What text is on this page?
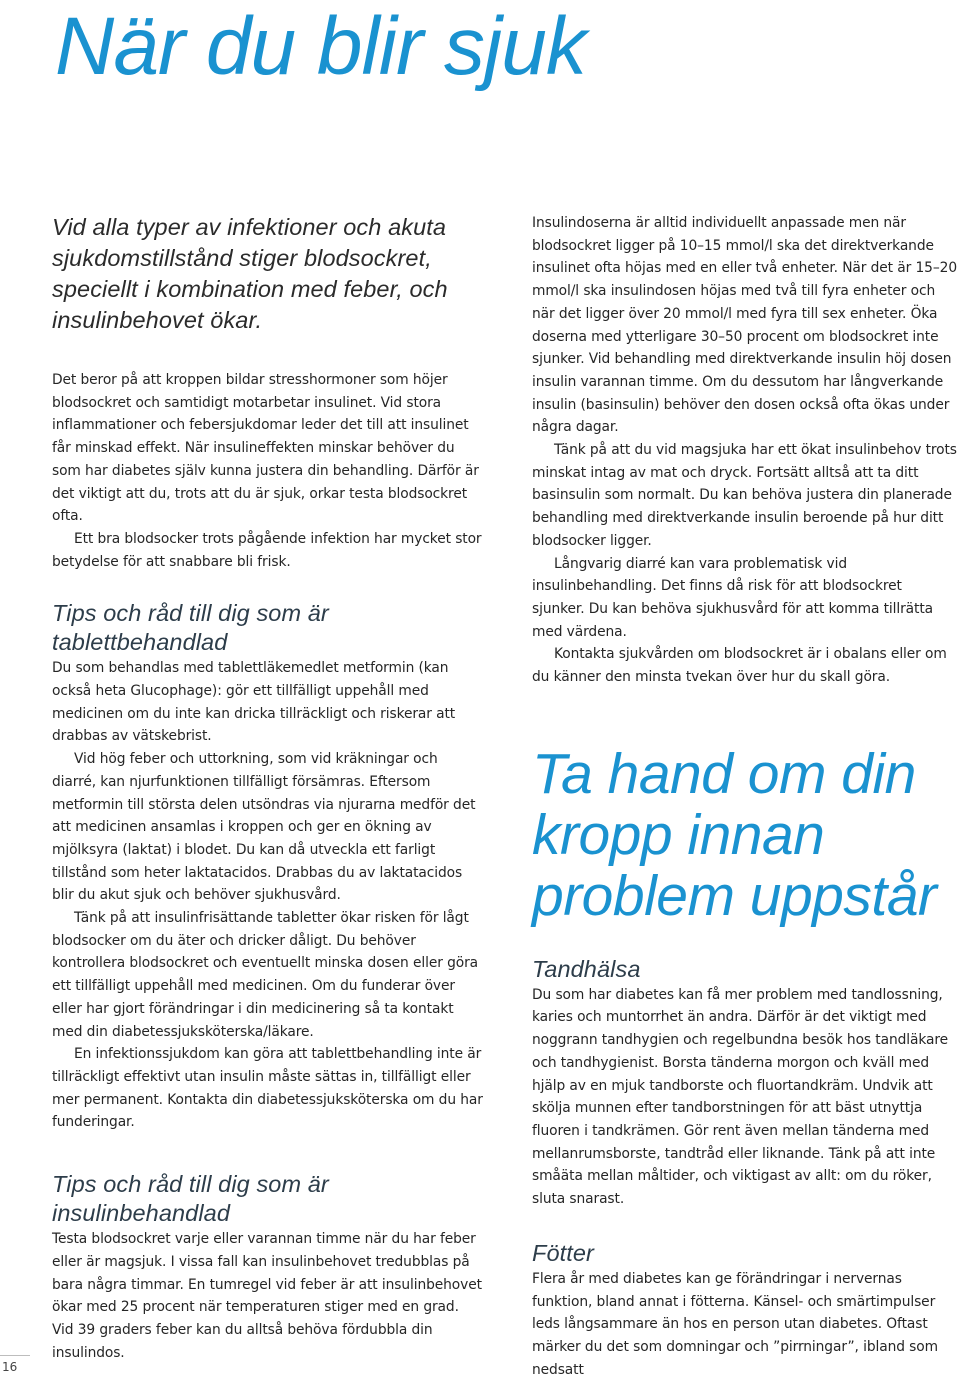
När du blir sjuk

Vid alla typer av infektioner och akuta sjukdomstillstånd stiger blodsockret, speciellt i kombination med feber, och insulinbehovet ökar.

Det beror på att kroppen bildar stresshormoner som höjer blodsockret och samtidigt motarbetar insulinet. Vid stora inflammationer och febersjukdomar leder det till att insulinet får minskad effekt. När insulineffekten minskar behöver du som har diabetes själv kunna justera din behandling. Därför är det viktigt att du, trots att du är sjuk, orkar testa blodsockret ofta.

Ett bra blodsocker trots pågående infektion har mycket stor betydelse för att snabbare bli frisk.

Tips och råd till dig som är tablettbehandlad

Du som behandlas med tablettläkemedlet metformin (kan också heta Glucophage): gör ett tillfälligt uppehåll med medicinen om du inte kan dricka tillräckligt och riskerar att drabbas av vätskebrist.

Vid hög feber och uttorkning, som vid kräkningar och diarré, kan njurfunktionen tillfälligt försämras. Eftersom metformin till största delen utsöndras via njurarna medför det att medicinen ansamlas i kroppen och ger en ökning av mjölksyra (laktat) i blodet. Du kan då utveckla ett farligt tillstånd som heter laktatacidos. Drabbas du av laktatacidos blir du akut sjuk och behöver sjukhusvård.

Tänk på att insulinfrisättande tabletter ökar risken för lågt blodsocker om du äter och dricker dåligt. Du behöver kontrollera blodsockret och eventuellt minska dosen eller göra ett tillfälligt uppehåll med medicinen. Om du funderar över eller har gjort förändringar i din medicinering så ta kontakt med din diabetessjuksköterska/läkare.

En infektionssjukdom kan göra att tablettbehandling inte är tillräckligt effektivt utan insulin måste sättas in, tillfälligt eller mer permanent. Kontakta din diabetessjuksköterska om du har funderingar.

Tips och råd till dig som är insulinbehandlad

Testa blodsockret varje eller varannan timme när du har feber eller är magsjuk. I vissa fall kan insulinbehovet tredubblas på bara några timmar. En tumregel vid feber är att insulinbehovet ökar med 25 procent när temperaturen stiger med en grad. Vid 39 graders feber kan du alltså behöva fördubbla din insulindos.

Insulindoserna är alltid individuellt anpassade men när blodsockret ligger på 10–15 mmol/l ska det direktverkande insulinet ofta höjas med en eller två enheter. När det är 15–20 mmol/l ska insulindosen höjas med två till fyra enheter och när det ligger över 20 mmol/l med fyra till sex enheter. Öka doserna med ytterligare 30–50 procent om blodsockret inte sjunker. Vid behandling med direktverkande insulin höj dosen insulin varannan timme. Om du dessutom har långverkande insulin (basinsulin) behöver den dosen också ofta ökas under några dagar.

Tänk på att du vid magsjuka har ett ökat insulinbehov trots minskat intag av mat och dryck. Fortsätt alltså att ta ditt basinsulin som normalt. Du kan behöva justera din planerade behandling med direktverkande insulin beroende på hur ditt blodsocker ligger.

Långvarig diarré kan vara problematisk vid insulinbehandling. Det finns då risk för att blodsockret sjunker. Du kan behöva sjukhusvård för att komma tillrätta med värdena.

Kontakta sjukvården om blodsockret är i obalans eller om du känner den minsta tvekan över hur du skall göra.

Ta hand om din kropp innan problem uppstår
Tandhälsa

Du som har diabetes kan få mer problem med tandlossning, karies och muntorrhet än andra. Därför är det viktigt med noggrann tandhygien och regelbundna besök hos tandläkare och tandhygienist. Borsta tänderna morgon och kväll med hjälp av en mjuk tandborste och fluortandkräm. Undvik att skölja munnen efter tandborstningen för att bäst utnyttja fluoren i tandkrämen. Gör rent även mellan tänderna med mellanrumsborste, tandtråd eller liknande. Tänk på att inte småäta mellan måltider, och viktigast av allt: om du röker, sluta snarast.

Fötter

Flera år med diabetes kan ge förändringar i nervernas funktion, bland annat i fötterna. Känsel- och smärtimpulser leds långsammare än hos en person utan diabetes. Oftast märker du det som domningar och ”pirrningar”, ibland som nedsatt

16
